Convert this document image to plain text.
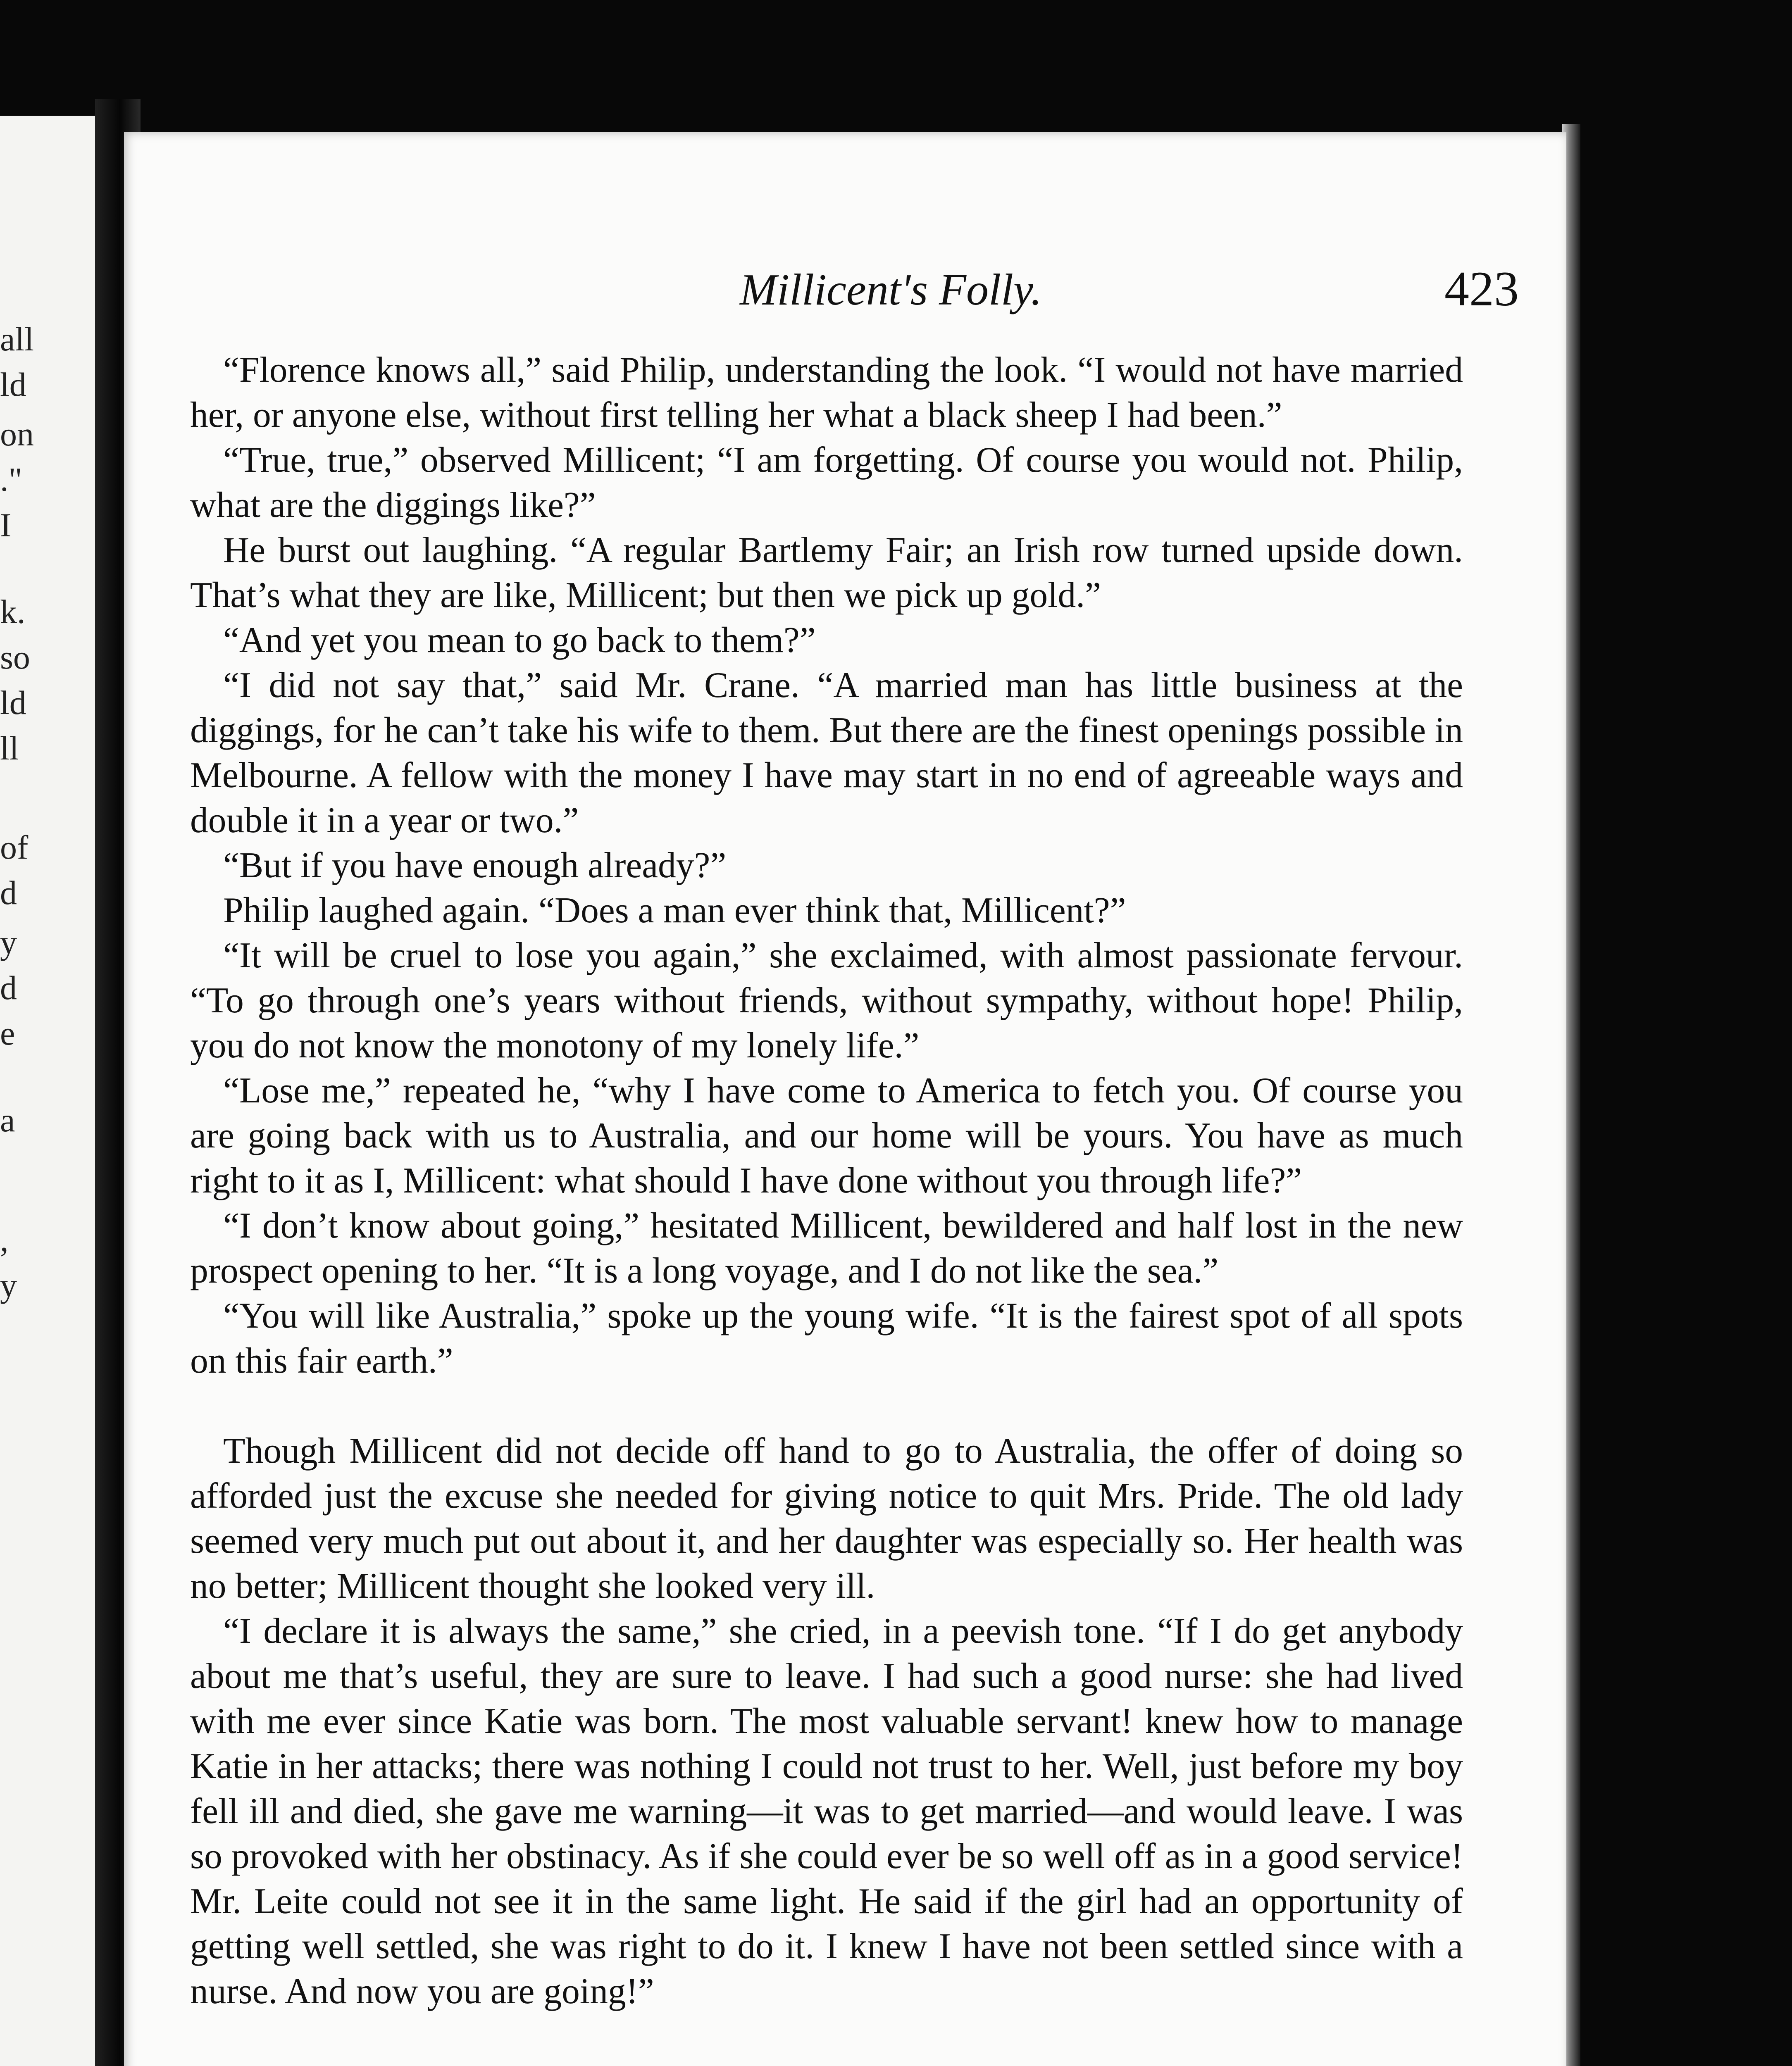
all
ld
on
."
I
k.
so
ld
ll
of
d
y
d
e
a
,
y
Millicent's Folly.	423

“Florence knows all,” said Philip, understanding the look. “I would not have married her, or anyone else, without first telling her what a black sheep I had been.”

“True, true,” observed Millicent; “I am forgetting. Of course you would not. Philip, what are the diggings like?”

He burst out laughing. “A regular Bartlemy Fair; an Irish row turned upside down. That’s what they are like, Millicent; but then we pick up gold.”

“And yet you mean to go back to them?”

“I did not say that,” said Mr. Crane. “A married man has little business at the diggings, for he can’t take his wife to them. But there are the finest openings possible in Melbourne. A fellow with the money I have may start in no end of agreeable ways and double it in a year or two.”

“But if you have enough already?”

Philip laughed again. “Does a man ever think that, Millicent?”

“It will be cruel to lose you again,” she exclaimed, with almost passionate fervour. “To go through one’s years without friends, without sympathy, without hope! Philip, you do not know the monotony of my lonely life.”

“Lose me,” repeated he, “why I have come to America to fetch you. Of course you are going back with us to Australia, and our home will be yours. You have as much right to it as I, Millicent: what should I have done without you through life?”

“I don’t know about going,” hesitated Millicent, bewildered and half lost in the new prospect opening to her. “It is a long voyage, and I do not like the sea.”

“You will like Australia,” spoke up the young wife. “It is the fairest spot of all spots on this fair earth.”

Though Millicent did not decide off hand to go to Australia, the offer of doing so afforded just the excuse she needed for giving notice to quit Mrs. Pride. The old lady seemed very much put out about it, and her daughter was especially so. Her health was no better; Millicent thought she looked very ill.

“I declare it is always the same,” she cried, in a peevish tone. “If I do get anybody about me that’s useful, they are sure to leave. I had such a good nurse: she had lived with me ever since Katie was born. The most valuable servant! knew how to manage Katie in her attacks; there was nothing I could not trust to her. Well, just before my boy fell ill and died, she gave me warning—it was to get married—and would leave. I was so provoked with her obstinacy. As if she could ever be so well off as in a good service! Mr. Leite could not see it in the same light. He said if the girl had an opportunity of getting well settled, she was right to do it. I knew I have not been settled since with a nurse. And now you are going!”
